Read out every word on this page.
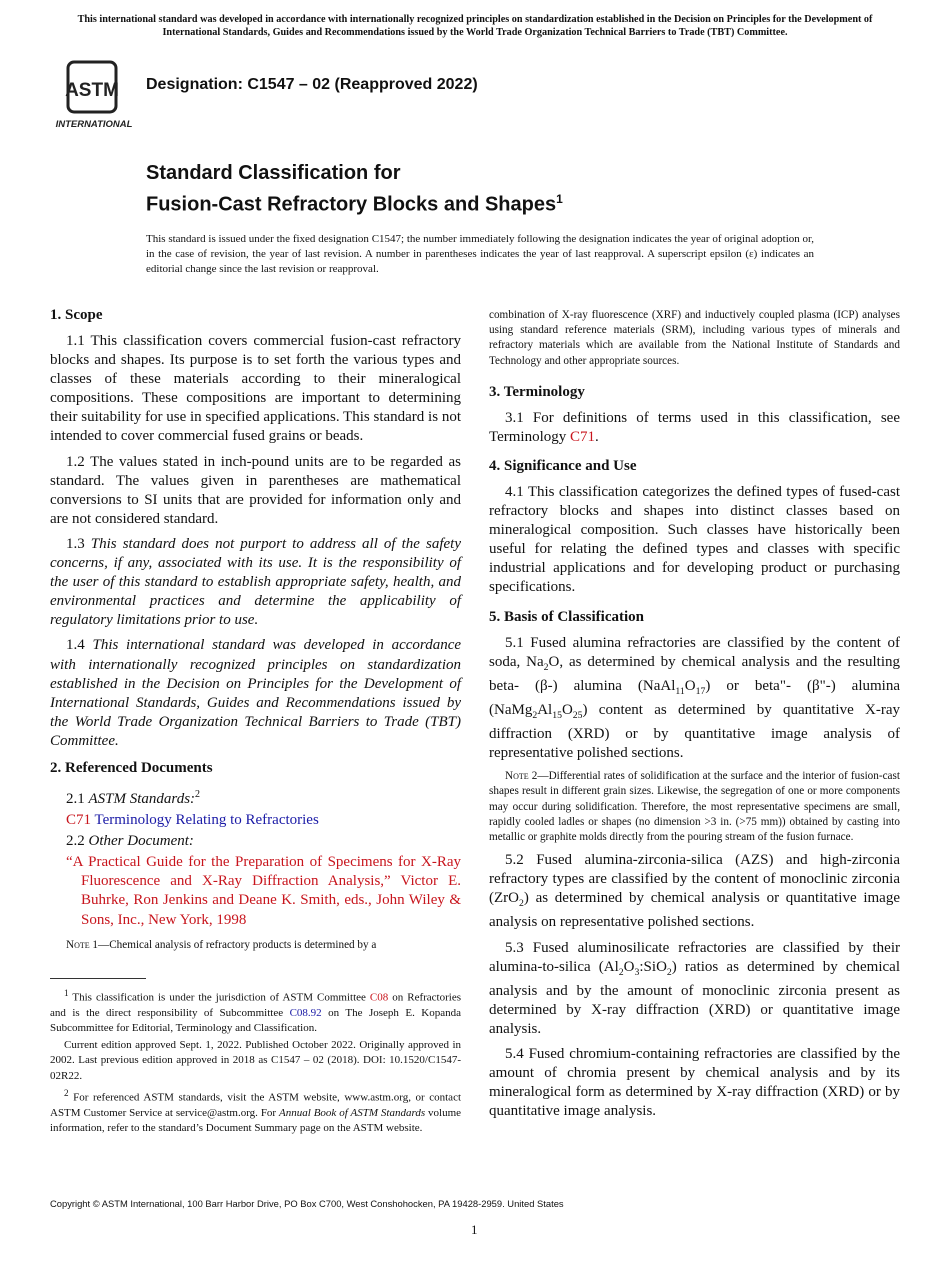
This international standard was developed in accordance with internationally recognized principles on standardization established in the Decision on Principles for the Development of International Standards, Guides and Recommendations issued by the World Trade Organization Technical Barriers to Trade (TBT) Committee.
ASTM
INTERNATIONAL
Designation: C1547 – 02 (Reapproved 2022)
Standard Classification for
Fusion-Cast Refractory Blocks and Shapes$^1$
This standard is issued under the fixed designation C1547; the number immediately following the designation indicates the year of original adoption or, in the case of revision, the year of last revision. A number in parentheses indicates the year of last reapproval. A superscript epsilon (ε) indicates an editorial change since the last revision or reapproval.
1. Scope

1.1 This classification covers commercial fusion-cast refractory blocks and shapes. Its purpose is to set forth the various types and classes of these materials according to their mineralogical compositions. These compositions are important to determining their suitability for use in specified applications. This standard is not intended to cover commercial fused grains or beads.

1.2 The values stated in inch-pound units are to be regarded as standard. The values given in parentheses are mathematical conversions to SI units that are provided for information only and are not considered standard.

1.3 This standard does not purport to address all of the safety concerns, if any, associated with its use. It is the responsibility of the user of this standard to establish appropriate safety, health, and environmental practices and determine the applicability of regulatory limitations prior to use.

1.4 This international standard was developed in accordance with internationally recognized principles on standardization established in the Decision on Principles for the Development of International Standards, Guides and Recommendations issued by the World Trade Organization Technical Barriers to Trade (TBT) Committee.

2. Referenced Documents

2.1 ASTM Standards:$^2$

C71 Terminology Relating to Refractories

2.2 Other Document:

“A Practical Guide for the Preparation of Specimens for X-Ray Fluorescence and X-Ray Diffraction Analysis,” Victor E. Buhrke, Ron Jenkins and Deane K. Smith, eds., John Wiley & Sons, Inc., New York, 1998

Note 1—Chemical analysis of refractory products is determined by a

$^1$ This classification is under the jurisdiction of ASTM Committee C08 on Refractories and is the direct responsibility of Subcommittee C08.92 on The Joseph E. Kopanda Subcommittee for Editorial, Terminology and Classification.

Current edition approved Sept. 1, 2022. Published October 2022. Originally approved in 2002. Last previous edition approved in 2018 as C1547 – 02 (2018). DOI: 10.1520/C1547-02R22.

$^2$ For referenced ASTM standards, visit the ASTM website, www.astm.org, or contact ASTM Customer Service at service@astm.org. For Annual Book of ASTM Standards volume information, refer to the standard’s Document Summary page on the ASTM website.

combination of X-ray fluorescence (XRF) and inductively coupled plasma (ICP) analyses using standard reference materials (SRM), including various types of minerals and refractory materials which are available from the National Institute of Standards and Technology and other appropriate sources.

3. Terminology

3.1 For definitions of terms used in this classification, see Terminology C71.

4. Significance and Use

4.1 This classification categorizes the defined types of fused-cast refractory blocks and shapes into distinct classes based on mineralogical composition. Such classes have historically been useful for relating the defined types and classes with specific industrial applications and for developing product or purchasing specifications.

5. Basis of Classification

5.1 Fused alumina refractories are classified by the content of soda, $Na_2O$, as determined by chemical analysis and the resulting beta- (β-) alumina $(NaAl_{11}O_{17})$ or beta"- (β"-) alumina $(NaMg_2Al_{15}O_{25})$ content as determined by quantitative X-ray diffraction (XRD) or by quantitative image analysis of representative polished sections.

Note 2—Differential rates of solidification at the surface and the interior of fusion-cast shapes result in different grain sizes. Likewise, the segregation of one or more components may occur during solidification. Therefore, the most representative specimens are small, rapidly cooled ladles or shapes (no dimension >3 in. (>75 mm)) obtained by casting into metallic or graphite molds directly from the pouring stream of the fusion furnace.

5.2 Fused alumina-zirconia-silica (AZS) and high-zirconia refractory types are classified by the content of monoclinic zirconia (ZrO$_2$) as determined by chemical analysis or quantitative image analysis on representative polished sections.

5.3 Fused aluminosilicate refractories are classified by their alumina-to-silica $(Al_2O_3:SiO_2)$ ratios as determined by chemical analysis and by the amount of monoclinic zirconia present as determined by X-ray diffraction (XRD) or quantitative image analysis.

5.4 Fused chromium-containing refractories are classified by the amount of chromia present by chemical analysis and by its mineralogical form as determined by X-ray diffraction (XRD) or by quantitative image analysis.

Copyright © ASTM International, 100 Barr Harbor Drive, PO Box C700, West Conshohocken, PA 19428-2959. United States
1
